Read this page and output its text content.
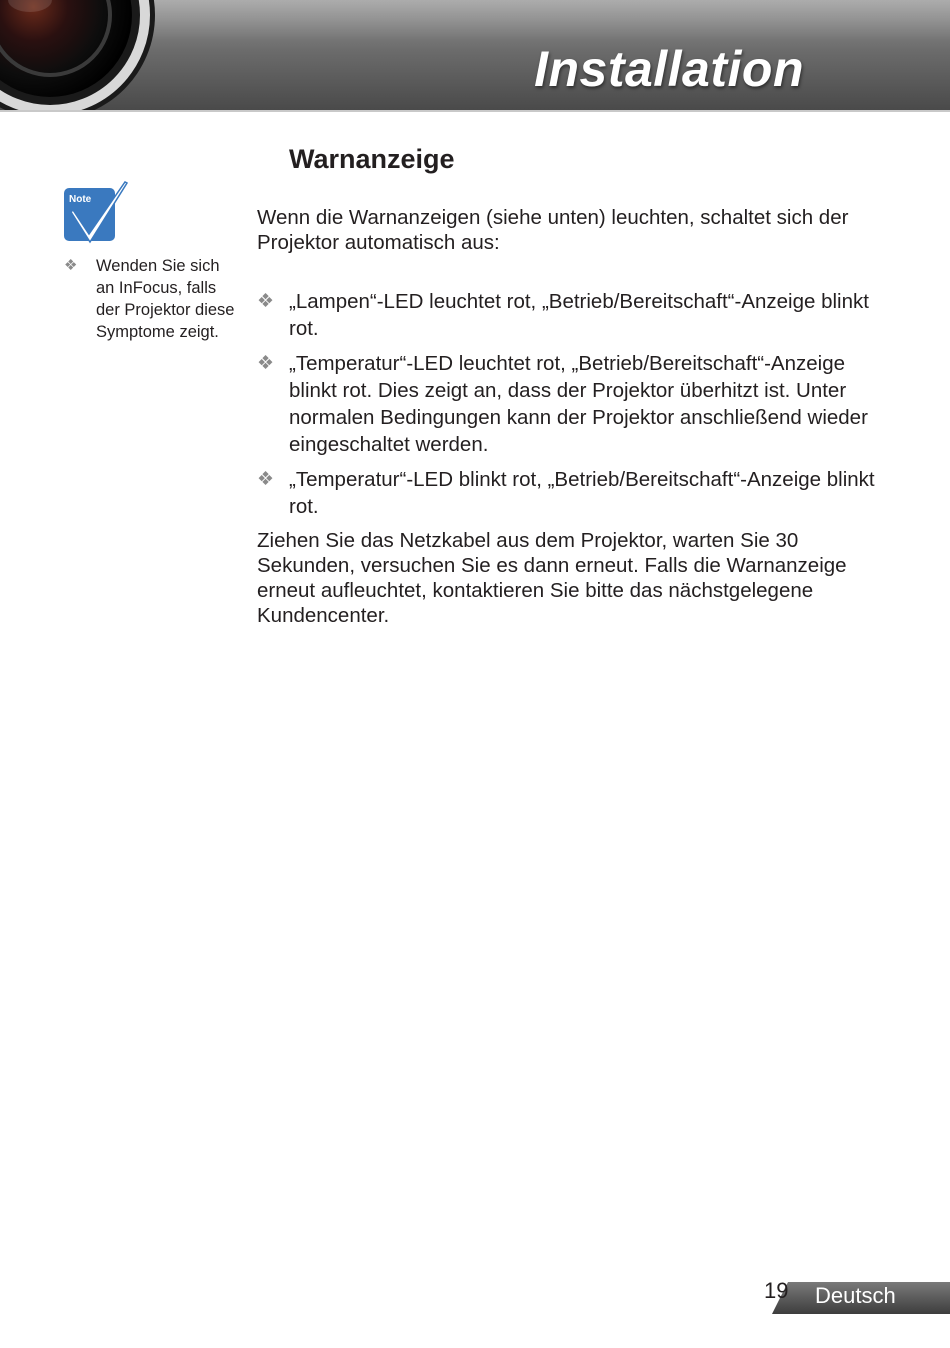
Installation
Note
❖ Wenden Sie sich an InFocus, falls der Projektor diese Symptome zeigt.
Warnanzeige
Wenn die Warnanzeigen (siehe unten) leuchten, schaltet sich der Projektor automatisch aus:
❖ „Lampen“-LED leuchtet rot, „Betrieb/Bereitschaft“-Anzeige blinkt rot.
❖ „Temperatur“-LED leuchtet rot, „Betrieb/Bereitschaft“-Anzeige blinkt rot. Dies zeigt an, dass der Projektor überhitzt ist. Unter normalen Bedingungen kann der Projektor anschließend wieder eingeschaltet werden.
❖ „Temperatur“-LED blinkt rot, „Betrieb/Bereitschaft“-Anzeige blinkt rot.
Ziehen Sie das Netzkabel aus dem Projektor, warten Sie 30 Sekunden, versuchen Sie es dann erneut. Falls die Warnanzeige erneut aufleuchtet, kontaktieren Sie bitte das nächstgelegene Kundencenter.
19 Deutsch
